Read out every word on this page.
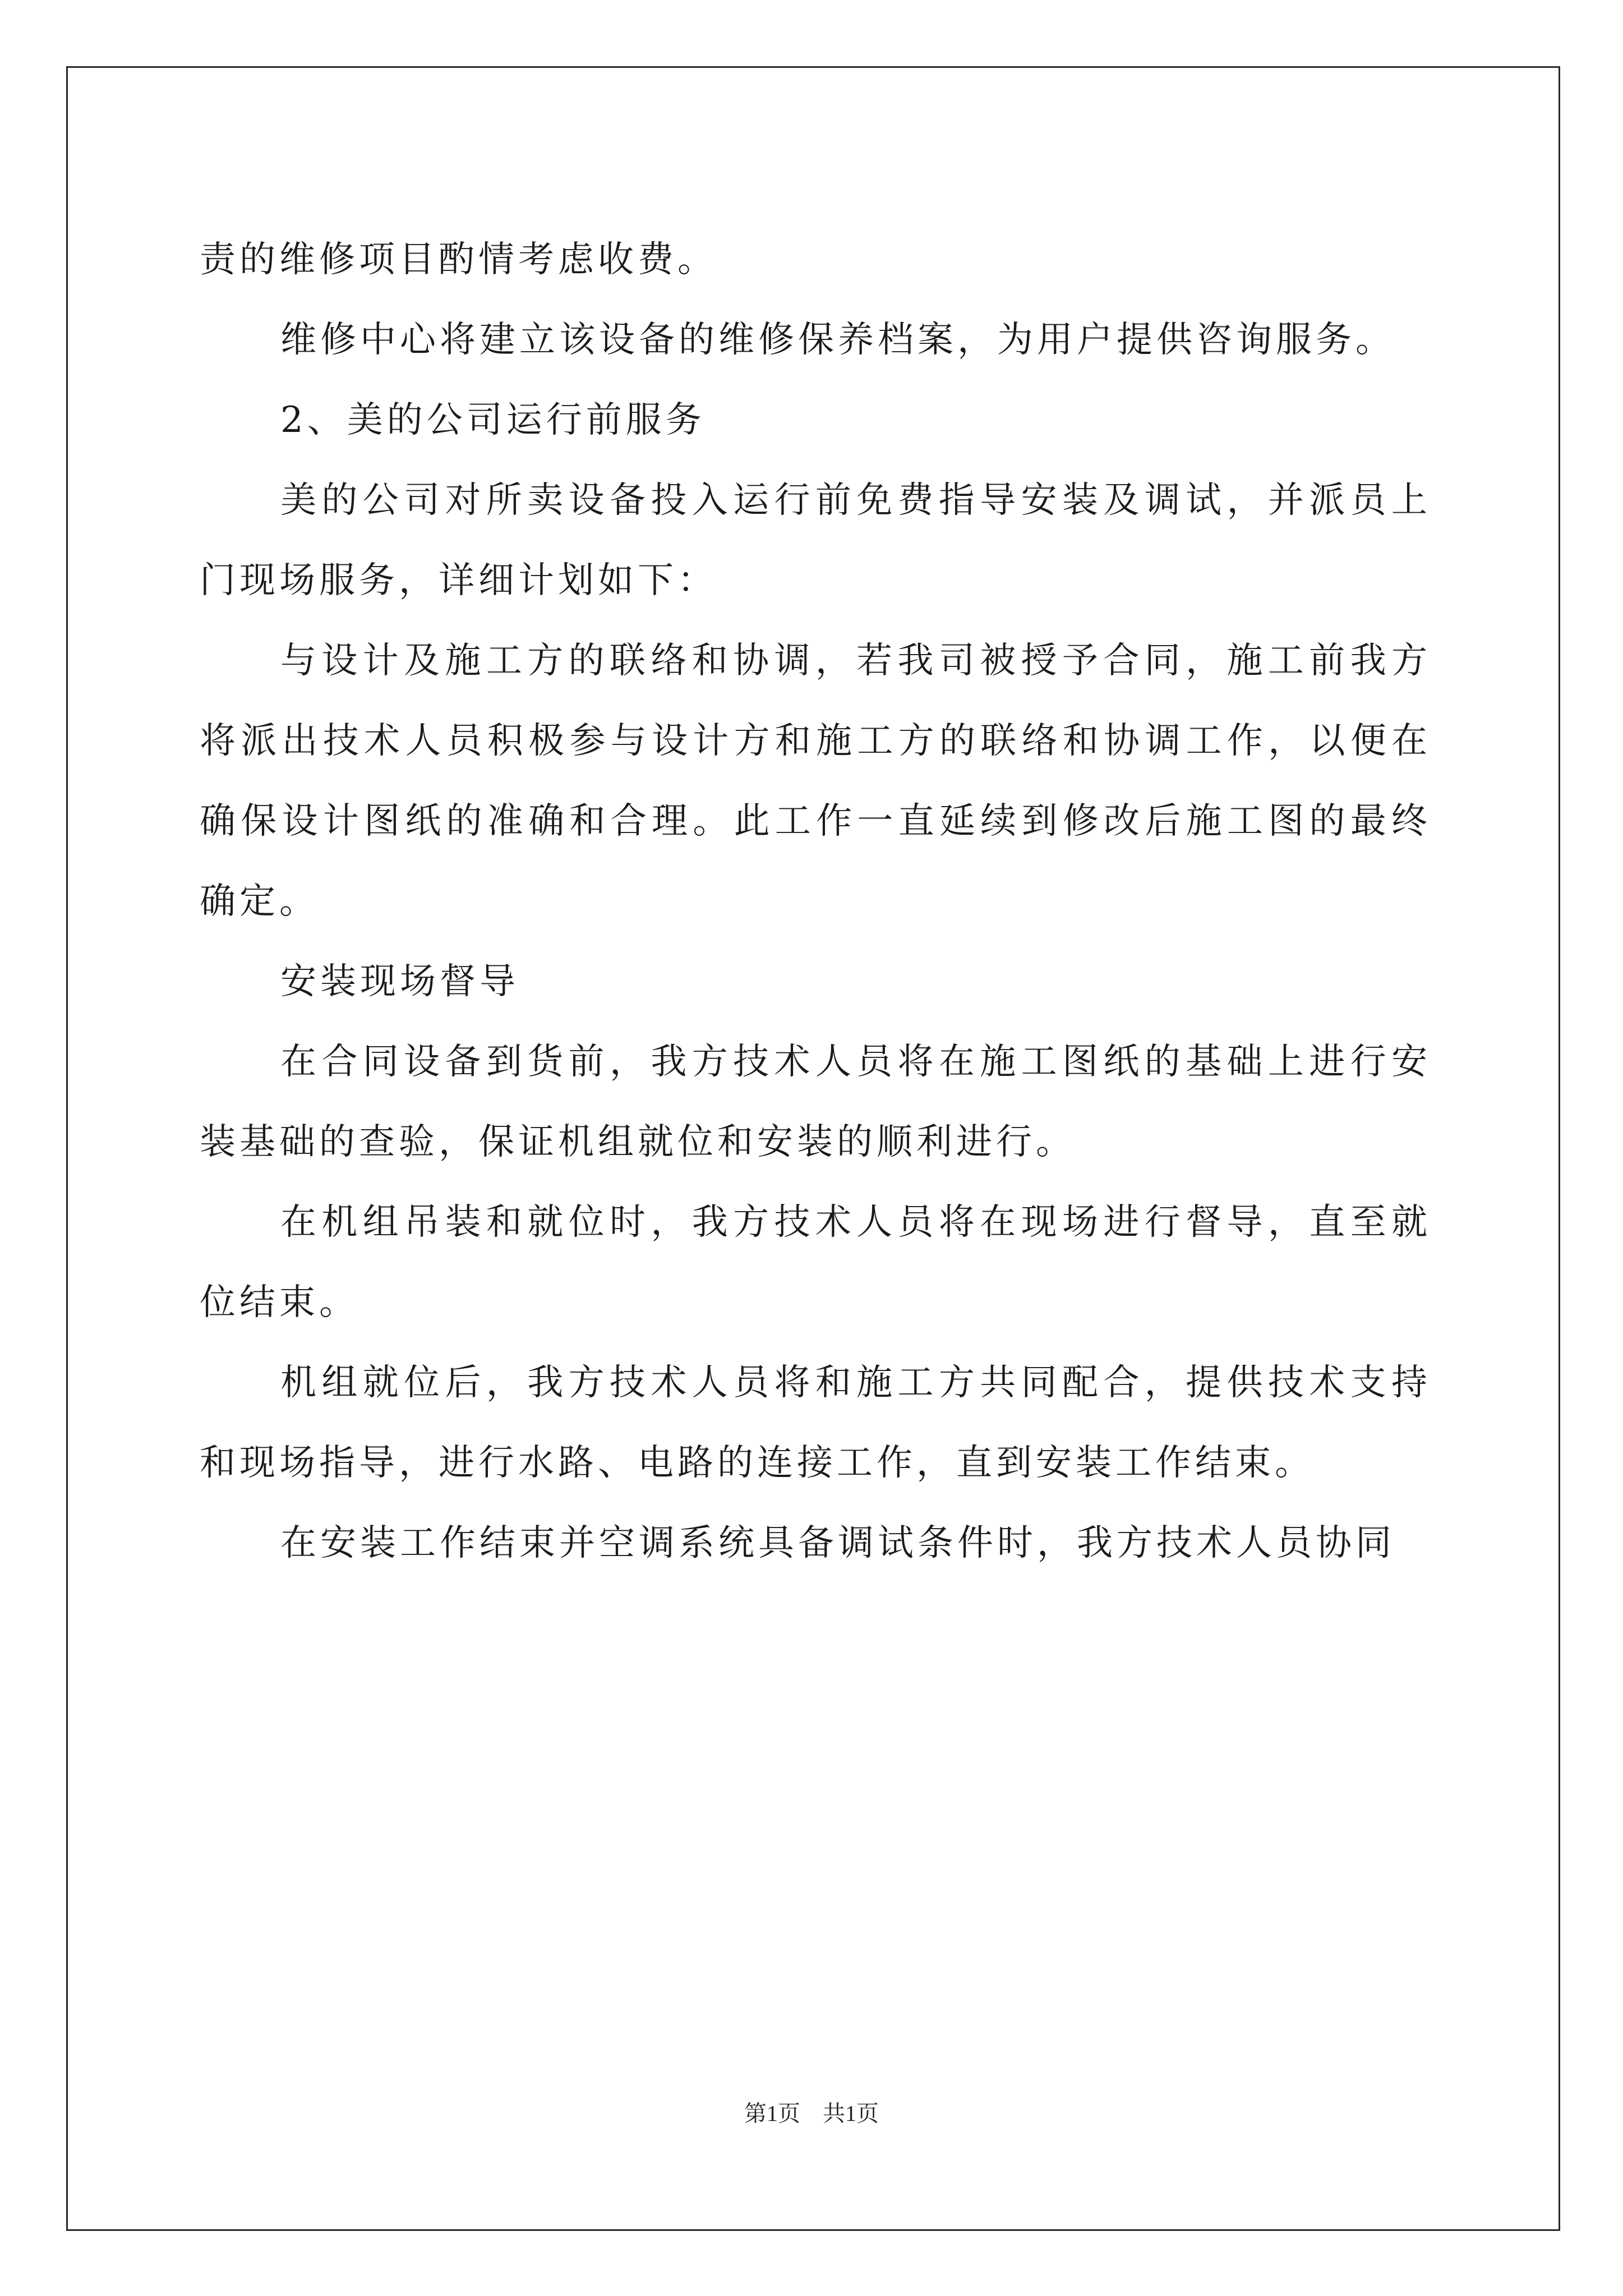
责的维修项目酌情考虑收费。

维修中心将建立该设备的维修保养档案，为用户提供咨询服务。

2、美的公司运行前服务

美的公司对所卖设备投入运行前免费指导安装及调试，并派员上门现场服务，详细计划如下：

与设计及施工方的联络和协调，若我司被授予合同，施工前我方将派出技术人员积极参与设计方和施工方的联络和协调工作，以便在确保设计图纸的准确和合理。此工作一直延续到修改后施工图的最终确定。

安装现场督导

在合同设备到货前，我方技术人员将在施工图纸的基础上进行安装基础的查验，保证机组就位和安装的顺利进行。

在机组吊装和就位时，我方技术人员将在现场进行督导，直至就位结束。

机组就位后，我方技术人员将和施工方共同配合，提供技术支持和现场指导，进行水路、电路的连接工作，直到安装工作结束。

在安装工作结束并空调系统具备调试条件时，我方技术人员协同

第1页　共1页
